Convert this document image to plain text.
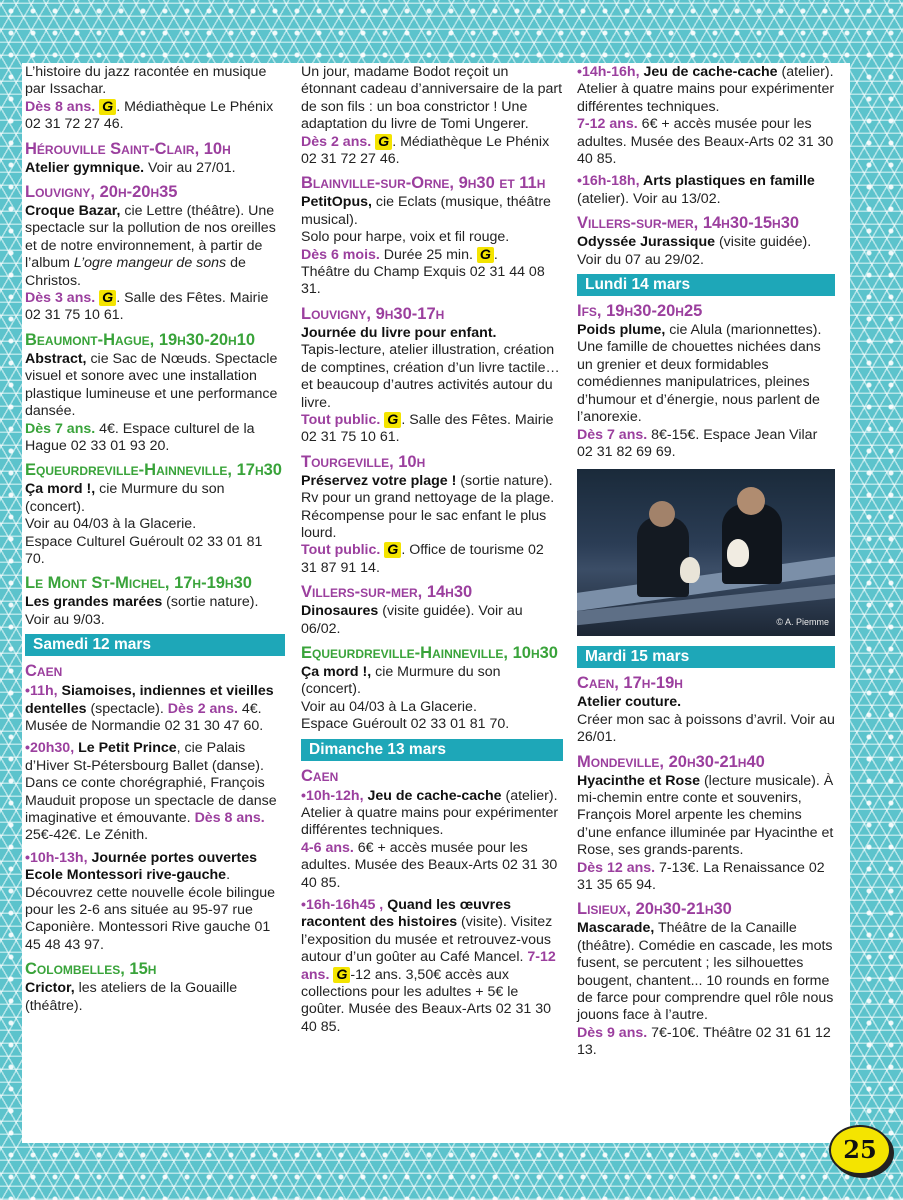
L’histoire du jazz racontée en musique par Issachar.
Dès 8 ans. G . Médiathèque Le Phénix 02 31 72 27 46.

Hérouville Saint-Clair, 10h

Atelier gymnique. Voir au 27/01.

Louvigny, 20h-20h35

Croque Bazar, cie Lettre (théâtre). Une spectacle sur la pollution de nos oreilles et de notre environnement, à partir de l’album L’ogre mangeur de sons de Christos.
Dès 3 ans. G . Salle des Fêtes. Mairie 02 31 75 10 61.

Beaumont-Hague, 19h30-20h10

Abstract, cie Sac de Nœuds. Spectacle visuel et sonore avec une installation plastique lumineuse et une performance dansée.
Dès 7 ans. 4€. Espace culturel de la Hague 02 33 01 93 20.

Equeurdreville-Hainneville, 17h30

Ça mord !, cie Murmure du son (concert).
Voir au 04/03 à la Glacerie.
Espace Culturel Guéroult 02 33 01 81 70.

Le Mont St-Michel, 17h-19h30

Les grandes marées (sortie nature). Voir au 9/03.

Samedi 12 mars
Caen

•11h, Siamoises, indiennes et vieilles dentelles (spectacle). Dès 2 ans. 4€. Musée de Normandie 02 31 30 47 60.

•20h30, Le Petit Prince, cie Palais d’Hiver St-Pétersbourg Ballet (danse). Dans ce conte chorégraphié, François Mauduit propose un spectacle de danse imaginative et émouvante. Dès 8 ans. 25€-42€. Le Zénith.

•10h-13h, Journée portes ouvertes Ecole Montessori rive-gauche.
Découvrez cette nouvelle école bilingue pour les 2-6 ans située au 95-97 rue Caponière. Montessori Rive gauche 01 45 48 43 97.

Colombelles, 15h

Crictor, les ateliers de la Gouaille (théâtre).

Un jour, madame Bodot reçoit un étonnant cadeau d’anniversaire de la part de son fils : un boa constrictor ! Une adaptation du livre de Tomi Ungerer.
Dès 2 ans. G . Médiathèque Le Phénix 02 31 72 27 46.

Blainville-sur-Orne, 9h30 et 11h

PetitOpus, cie Eclats (musique, théâtre musical).
Solo pour harpe, voix et fil rouge.
Dès 6 mois. Durée 25 min. G .
Théâtre du Champ Exquis 02 31 44 08 31.

Louvigny, 9h30-17h

Journée du livre pour enfant.
Tapis-lecture, atelier illustration, création de comptines, création d’un livre tactile… et beaucoup d’autres activités autour du livre.
Tout public. G . Salle des Fêtes. Mairie 02 31 75 10 61.

Tourgeville, 10h

Préservez votre plage ! (sortie nature).
Rv pour un grand nettoyage de la plage. Récompense pour le sac enfant le plus lourd.
Tout public. G . Office de tourisme 02 31 87 91 14.

Villers-sur-mer, 14h30

Dinosaures (visite guidée). Voir au 06/02.

Equeurdreville-Hainneville, 10h30

Ça mord !, cie Murmure du son (concert).
Voir au 04/03 à La Glacerie.
Espace Guéroult 02 33 01 81 70.

Dimanche 13 mars
Caen

•10h-12h, Jeu de cache-cache (atelier). Atelier à quatre mains pour expérimenter différentes techniques.
4-6 ans. 6€ + accès musée pour les adultes. Musée des Beaux-Arts 02 31 30 40 85.

•16h-16h45 , Quand les œuvres racontent des histoires (visite). Visitez l’exposition du musée et retrouvez-vous autour d’un goûter au Café Mancel. 7-12 ans. G -12 ans. 3,50€ accès aux collections pour les adultes + 5€ le goûter. Musée des Beaux-Arts 02 31 30 40 85.

•14h-16h, Jeu de cache-cache (atelier). Atelier à quatre mains pour expérimenter différentes techniques.
7-12 ans. 6€ + accès musée pour les adultes. Musée des Beaux-Arts 02 31 30 40 85.

•16h-18h, Arts plastiques en famille (atelier). Voir au 13/02.

Villers-sur-mer, 14h30-15h30

Odyssée Jurassique (visite guidée). Voir du 07 au 29/02.

Lundi 14 mars
Ifs, 19h30-20h25

Poids plume, cie Alula (marionnettes). Une famille de chouettes nichées dans un grenier et deux formidables comédiennes manipulatrices, pleines d’humour et d’énergie, nous parlent de l’anorexie.
Dès 7 ans. 8€-15€. Espace Jean Vilar 02 31 82 69 69.

© A. Piemme
Mardi 15 mars
Caen, 17h-19h

Atelier couture.
Créer mon sac à poissons d’avril. Voir au 26/01.

Mondeville, 20h30-21h40

Hyacinthe et Rose (lecture musicale). À mi-chemin entre conte et souvenirs, François Morel arpente les chemins d’une enfance illuminée par Hyacinthe et Rose, ses grands-parents.
Dès 12 ans. 7-13€. La Renaissance 02 31 35 65 94.

Lisieux, 20h30-21h30

Mascarade, Théâtre de la Canaille (théâtre). Comédie en cascade, les mots fusent, se percutent ; les silhouettes bougent, chantent... 10 rounds en forme de farce pour comprendre quel rôle nous jouons face à l’autre.
Dès 9 ans. 7€-10€. Théâtre 02 31 61 12 13.

25
